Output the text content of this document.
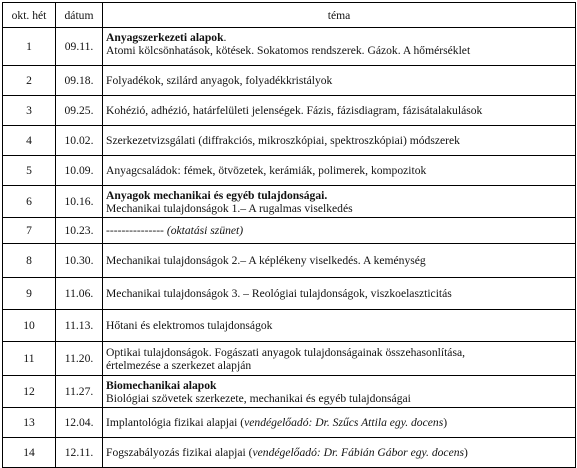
okt. hét	dátum	téma
1	09.11.	Anyagszerkezeti alapok.
Atomi kölcsönhatások, kötések. Sokatomos rendszerek. Gázok. A hőmérséklet

2	09.18.	Folyadékok, szilárd anyagok, folyadékkristályok
3	09.25.	Kohézió, adhézió, határfelületi jelenségek. Fázis, fázisdiagram, fázisátalakulások
4	10.02.	Szerkezetvizsgálati (diffrakciós, mikroszkópiai, spektroszkópiai) módszerek
5	10.09.	Anyagcsaládok: fémek, ötvözetek, kerámiák, polimerek, kompozitok
6	10.16.	Anyagok mechanikai és egyéb tulajdonságai.
Mechanikai tulajdonságok 1.– A rugalmas viselkedés

7	10.23.	--------------- (oktatási szünet)
8	10.30.	Mechanikai tulajdonságok 2.– A képlékeny viselkedés. A keménység
9	11.06.	Mechanikai tulajdonságok 3. – Reológiai tulajdonságok, viszkoelaszticitás
10	11.13.	Hőtani és elektromos tulajdonságok
11	11.20.	Optikai tulajdonságok. Fogászati anyagok tulajdonságainak összehasonlítása,
értelmezése a szerkezet alapján

12	11.27.	Biomechanikai alapok
Biológiai szövetek szerkezete, mechanikai és egyéb tulajdonságai

13	12.04.	Implantológia fizikai alapjai (vendégelőadó: Dr. Szűcs Attila egy. docens)
14	12.11.	Fogszabályozás fizikai alapjai (vendégelőadó: Dr. Fábián Gábor egy. docens)
